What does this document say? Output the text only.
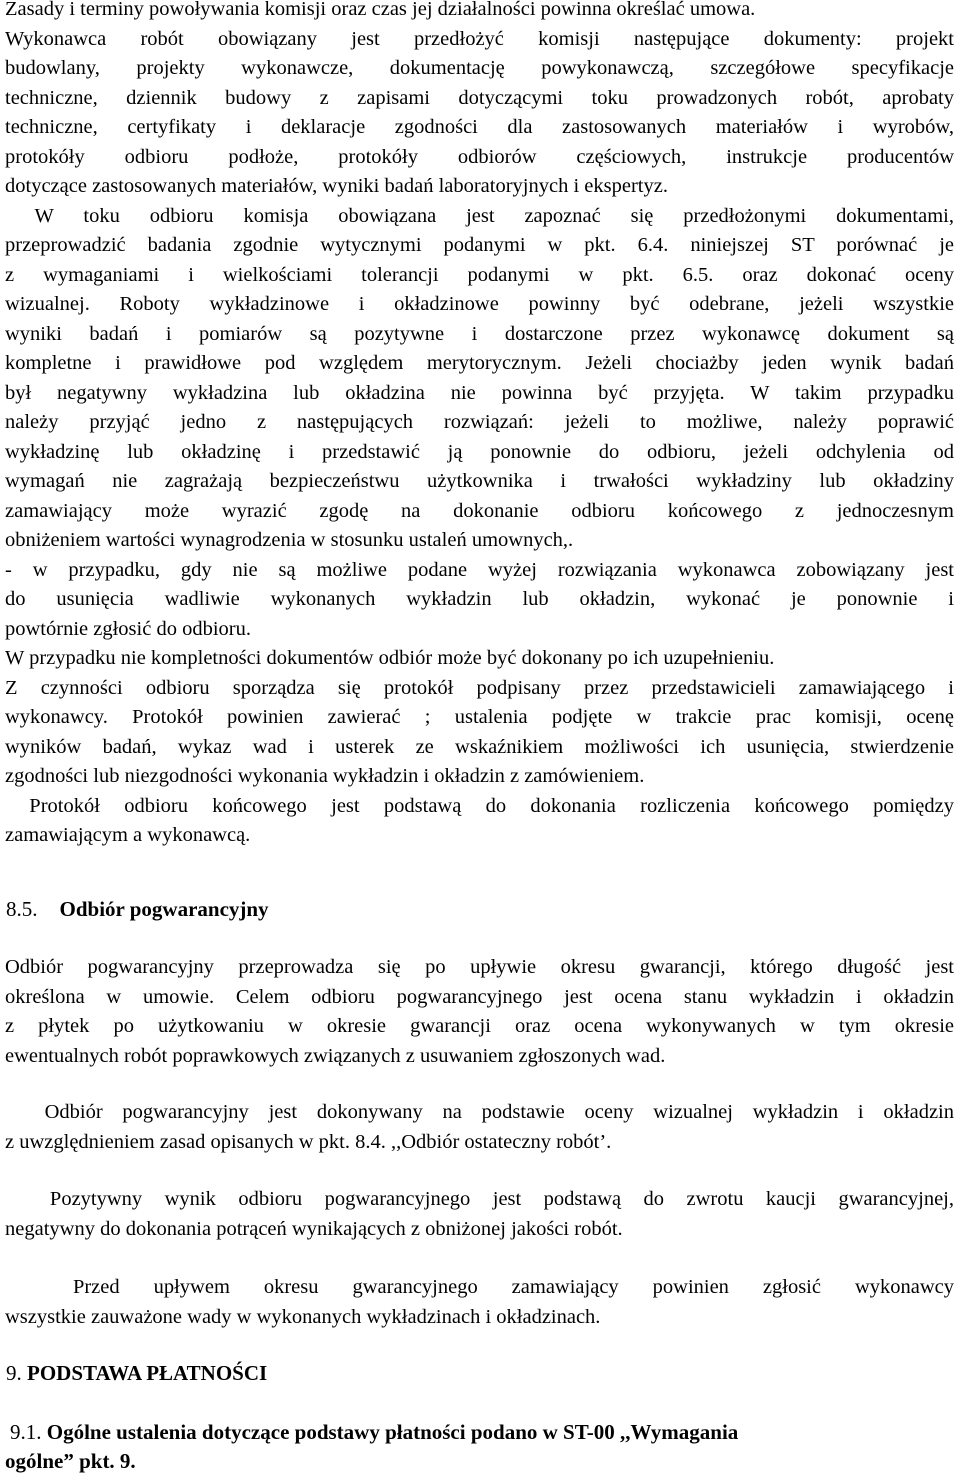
Zasady i terminy powoływania komisji oraz czas jej działalności powinna określać umowa.

Wykonawca robót obowiązany jest przedłożyć komisji następujące dokumenty: projekt

budowlany, projekty wykonawcze, dokumentację powykonawczą, szczegółowe specyfikacje

techniczne, dziennik budowy z zapisami dotyczącymi toku prowadzonych robót, aprobaty

techniczne, certyfikaty i deklaracje zgodności dla zastosowanych materiałów i wyrobów,

protokóły odbioru podłoże, protokóły odbiorów częściowych, instrukcje producentów

dotyczące zastosowanych materiałów, wyniki badań laboratoryjnych i ekspertyz.

W toku odbioru komisja obowiązana jest zapoznać się przedłożonymi dokumentami,

przeprowadzić badania zgodnie wytycznymi podanymi w pkt. 6.4. niniejszej ST porównać je

z wymaganiami i wielkościami tolerancji podanymi w pkt. 6.5. oraz dokonać oceny

wizualnej. Roboty wykładzinowe i okładzinowe powinny być odebrane, jeżeli wszystkie

wyniki badań i pomiarów są pozytywne i dostarczone przez wykonawcę dokument są

kompletne i prawidłowe pod względem merytorycznym. Jeżeli chociażby jeden wynik badań

był negatywny wykładzina lub okładzina nie powinna być przyjęta. W takim przypadku

należy przyjąć jedno z następujących rozwiązań: jeżeli to możliwe, należy poprawić

wykładzinę lub okładzinę i przedstawić ją ponownie do odbioru, jeżeli odchylenia od

wymagań nie zagrażają bezpieczeństwu użytkownika i trwałości wykładziny lub okładziny

zamawiający może wyrazić zgodę na dokonanie odbioru końcowego z jednoczesnym

obniżeniem wartości wynagrodzenia w stosunku ustaleń umownych,.

- w przypadku, gdy nie są możliwe podane wyżej rozwiązania wykonawca zobowiązany jest

do usunięcia wadliwie wykonanych wykładzin lub okładzin, wykonać je ponownie i

powtórnie zgłosić do odbioru.

W przypadku nie kompletności dokumentów odbiór może być dokonany po ich uzupełnieniu.

Z czynności odbioru sporządza się protokół podpisany przez przedstawicieli zamawiającego i

wykonawcy. Protokół powinien zawierać ; ustalenia podjęte w trakcie prac komisji, ocenę

wyników badań, wykaz wad i usterek ze wskaźnikiem możliwości ich usunięcia, stwierdzenie

zgodności lub niezgodności wykonania wykładzin i okładzin z zamówieniem.

Protokół odbioru końcowego jest podstawą do dokonania rozliczenia końcowego pomiędzy

zamawiającym a wykonawcą.

8.5. Odbiór pogwarancyjny

Odbiór pogwarancyjny przeprowadza się po upływie okresu gwarancji, którego długość jest

określona w umowie. Celem odbioru pogwarancyjnego jest ocena stanu wykładzin i okładzin

z płytek po użytkowaniu w okresie gwarancji oraz ocena wykonywanych w tym okresie

ewentualnych robót poprawkowych związanych z usuwaniem zgłoszonych wad.

Odbiór pogwarancyjny jest dokonywany na podstawie oceny wizualnej wykładzin i okładzin

z uwzględnieniem zasad opisanych w pkt. 8.4. ,,Odbiór ostateczny robót’.

Pozytywny wynik odbioru pogwarancyjnego jest podstawą do zwrotu kaucji gwarancyjnej,

negatywny do dokonania potrąceń wynikających z obniżonej jakości robót.

Przed upływem okresu gwarancyjnego zamawiający powinien zgłosić wykonawcy

wszystkie zauważone wady w wykonanych wykładzinach i okładzinach.

9. PODSTAWA PŁATNOŚCI

9.1. Ogólne ustalenia dotyczące podstawy płatności podano w ST-00 ,,Wymagania

ogólne” pkt. 9.
